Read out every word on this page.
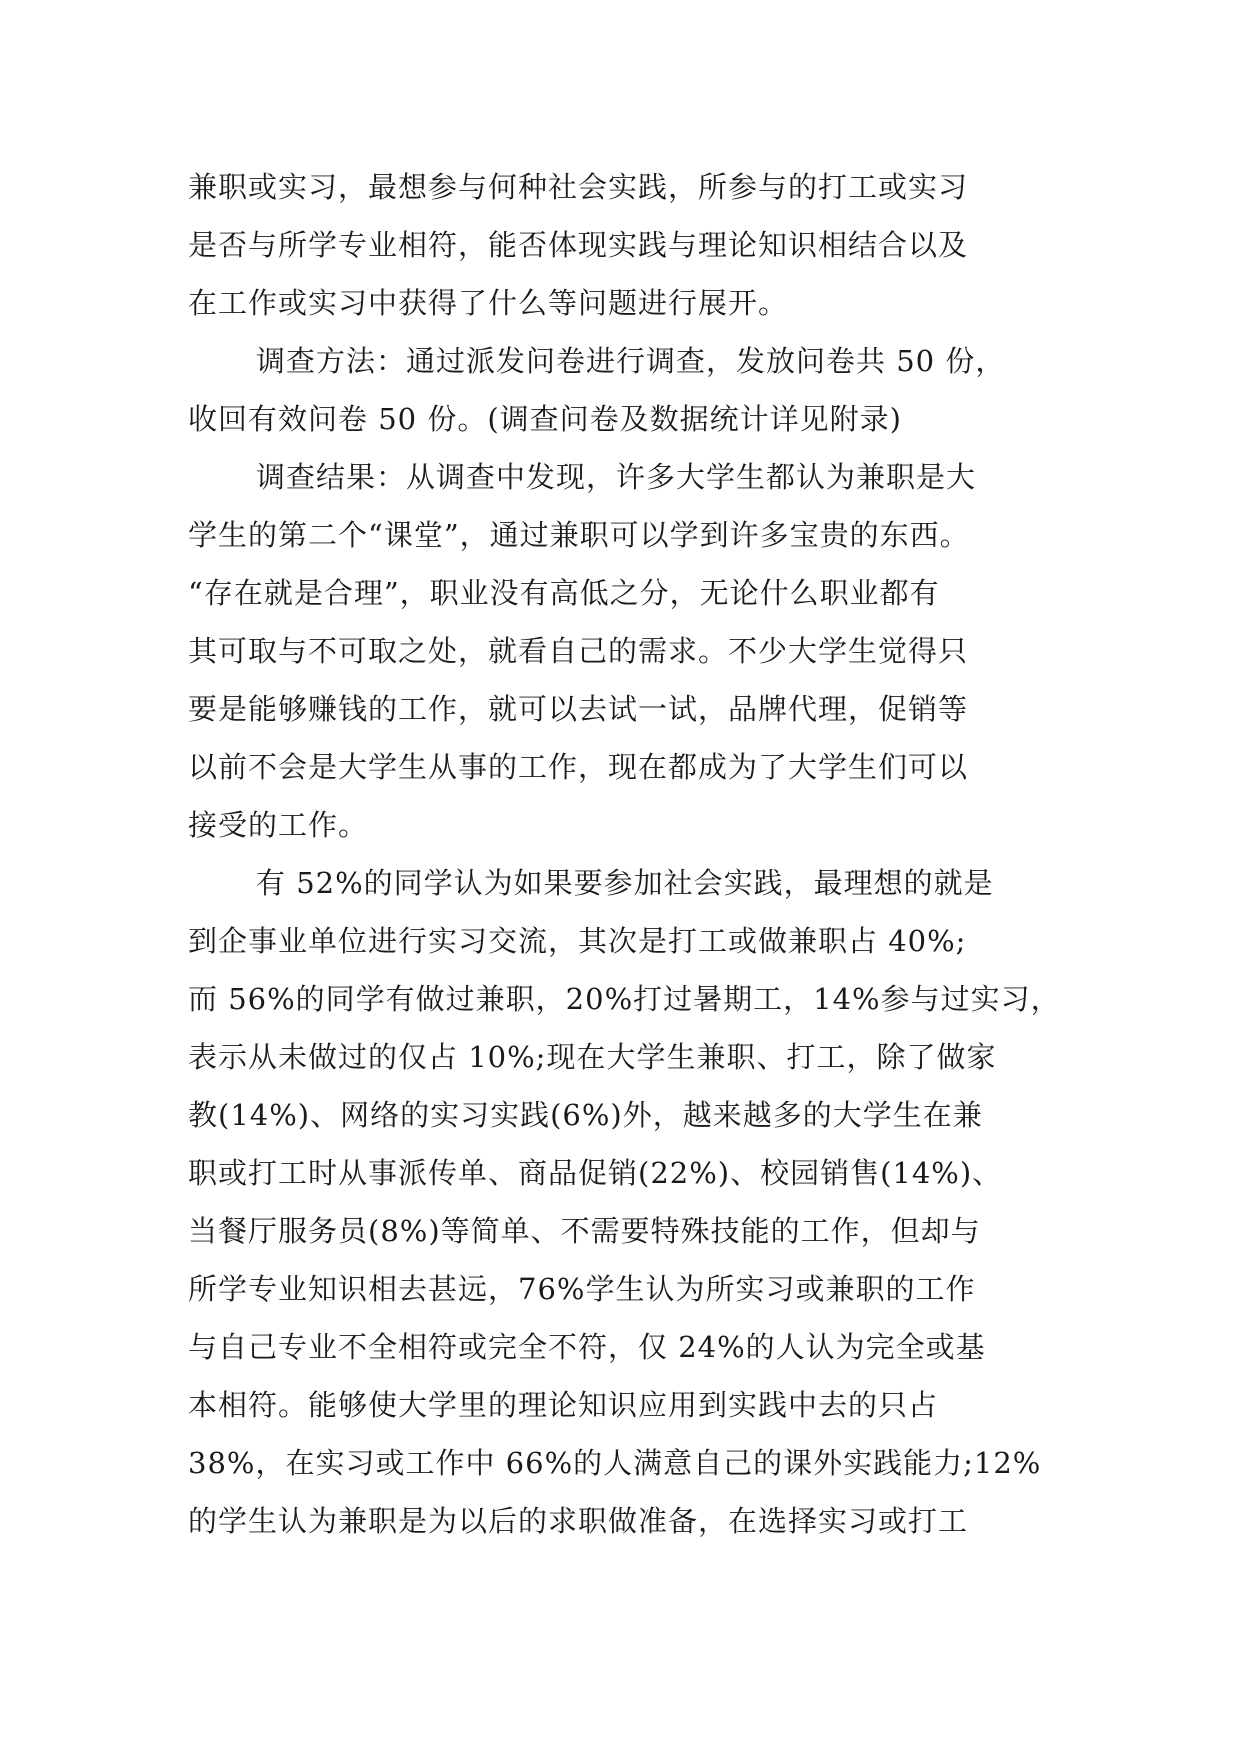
兼职或实习，最想参与何种社会实践，所参与的打工或实习
是否与所学专业相符，能否体现实践与理论知识相结合以及
在工作或实习中获得了什么等问题进行展开。
调查方法：通过派发问卷进行调查，发放问卷共 50 份，
收回有效问卷 50 份。(调查问卷及数据统计详见附录)
调查结果：从调查中发现，许多大学生都认为兼职是大
学生的第二个“课堂”，通过兼职可以学到许多宝贵的东西。
“存在就是合理”，职业没有高低之分，无论什么职业都有
其可取与不可取之处，就看自己的需求。不少大学生觉得只
要是能够赚钱的工作，就可以去试一试，品牌代理，促销等
以前不会是大学生从事的工作，现在都成为了大学生们可以
接受的工作。
有 52%的同学认为如果要参加社会实践，最理想的就是
到企事业单位进行实习交流，其次是打工或做兼职占 40%;
而 56%的同学有做过兼职，20%打过暑期工，14%参与过实习，
表示从未做过的仅占 10%;现在大学生兼职、打工，除了做家
教(14%)、网络的实习实践(6%)外，越来越多的大学生在兼
职或打工时从事派传单、商品促销(22%)、校园销售(14%)、
当餐厅服务员(8%)等简单、不需要特殊技能的工作，但却与
所学专业知识相去甚远，76%学生认为所实习或兼职的工作
与自己专业不全相符或完全不符，仅 24%的人认为完全或基
本相符。能够使大学里的理论知识应用到实践中去的只占
38%，在实习或工作中 66%的人满意自己的课外实践能力;12%
的学生认为兼职是为以后的求职做准备，在选择实习或打工
